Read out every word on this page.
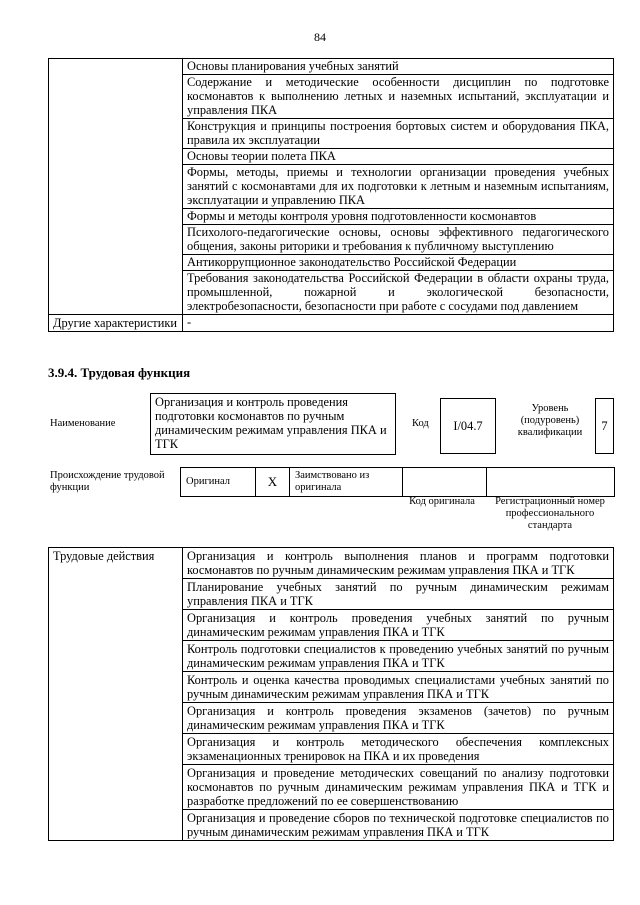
84
	Основы планирования учебных занятий
	Содержание и методические особенности дисциплин по подготовке космонавтов к выполнению летных и наземных испытаний, эксплуатации и управления ПКА
	Конструкция и принципы построения бортовых систем и оборудования ПКА, правила их эксплуатации
	Основы теории полета ПКА
	Формы, методы, приемы и технологии организации проведения учебных занятий с космонавтами для их подготовки к летным и наземным испытаниям, эксплуатации и управлению ПКА
	Формы и методы контроля уровня подготовленности космонавтов
	Психолого-педагогические основы, основы эффективного педагогического общения, законы риторики и требования к публичному выступлению
	Антикоррупционное законодательство Российской Федерации
	Требования законодательства Российской Федерации в области охраны труда, промышленной, пожарной и экологической безопасности, электробезопасности, безопасности при работе с сосудами под давлением
Другие характеристики	-
3.9.4. Трудовая функция
Наименование
Организация и контроль проведения подготовки космонавтов по ручным динамическим режимам управления ПКА и ТГК
Код	I/04.7
Уровень (подуровень) квалификации	7
Происхождение трудовой функции
Оригинал	X	Заимствовано из оригинала		
Код оригинала	Регистрационный номер профессионального стандарта
Трудовые действия	Организация и контроль выполнения планов и программ подготовки космонавтов по ручным динамическим режимам управления ПКА и ТГК
Планирование учебных занятий по ручным динамическим режимам управления ПКА и ТГК
Организация и контроль проведения учебных занятий по ручным динамическим режимам управления ПКА и ТГК
Контроль подготовки специалистов к проведению учебных занятий по ручным динамическим режимам управления ПКА и ТГК
Контроль и оценка качества проводимых специалистами учебных занятий по ручным динамическим режимам управления ПКА и ТГК
Организация и контроль проведения экзаменов (зачетов) по ручным динамическим режимам управления ПКА и ТГК
Организация и контроль методического обеспечения комплексных экзаменационных тренировок на ПКА и их проведения
Организация и проведение методических совещаний по анализу подготовки космонавтов по ручным динамическим режимам управления ПКА и ТГК и разработке предложений по ее совершенствованию
Организация и проведение сборов по технической подготовке специалистов по ручным динамическим режимам управления ПКА и ТГК
